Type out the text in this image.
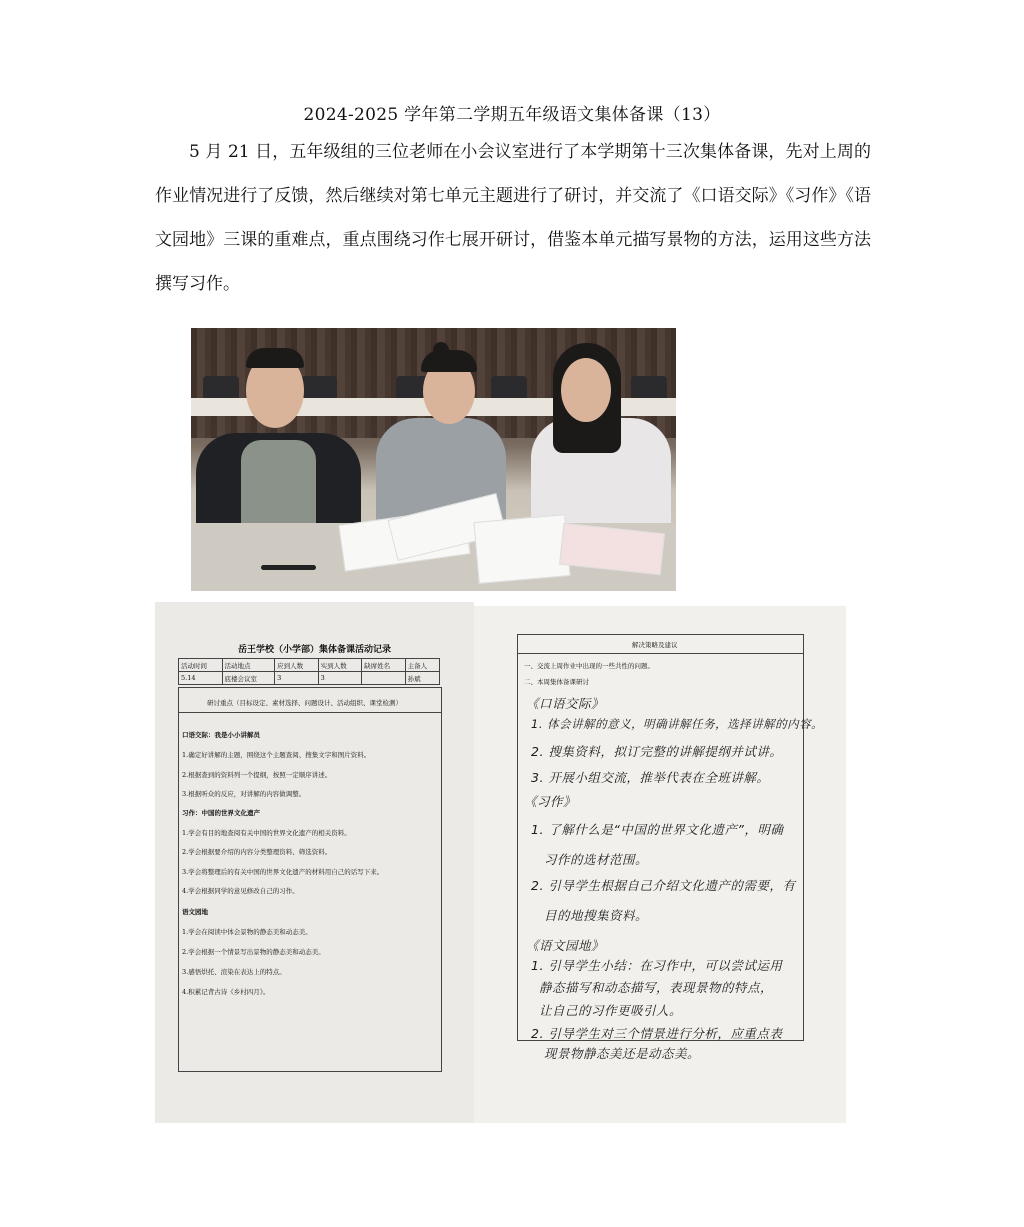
2024-2025 学年第二学期五年级语文集体备课（13）

5 月 21 日，五年级组的三位老师在小会议室进行了本学期第十三次集体备课，先对上周的作业情况进行了反馈，然后继续对第七单元主题进行了研讨，并交流了《口语交际》《习作》《语文园地》三课的重难点，重点围绕习作七展开研讨，借鉴本单元描写景物的方法，运用这些方法撰写习作。

岳王学校（小学部）集体备课活动记录
活动时间	活动地点	应到人数	实到人数	缺席姓名	主备人
5.14	底楼会议室	3	3		孙斌
研讨重点（目标设定、素材选择、问题设计、活动组织、课堂检测）
口语交际：我是小小讲解员
1.确定好讲解的主题，围绕这个主题查阅、搜集文字和图片资料。
2.根据查到的资料列一个提纲，按照一定顺序讲述。
3.根据听众的反应，对讲解的内容做调整。
习作：中国的世界文化遗产
1.学会有目的地查阅有关中国的世界文化遗产的相关资料。
2.学会根据要介绍的内容分类整理资料、筛选资料。
3.学会将整理后的有关中国的世界文化遗产的材料用自己的话写下来。
4.学会根据同学的意见修改自己的习作。
语文园地
1.学会在阅读中体会景物的静态美和动态美。
2.学会根据一个情景写出景物的静态美和动态美。
3.感悟烘托、渲染在表达上的特点。
4.积累记背古诗《乡村四月》。
解决策略及建议
一、交流上周作业中出现的一些共性的问题。
二、本周集体备课研讨
《口语交际》
1. 体会讲解的意义，明确讲解任务，选择讲解的内容。
2. 搜集资料，拟订完整的讲解提纲并试讲。
3. 开展小组交流，推举代表在全班讲解。
《习作》
1. 了解什么是“中国的世界文化遗产”，明确
习作的选材范围。
2. 引导学生根据自己介绍文化遗产的需要，有
目的地搜集资料。
《语文园地》
1. 引导学生小结：在习作中，可以尝试运用
静态描写和动态描写，表现景物的特点，
让自己的习作更吸引人。
2. 引导学生对三个情景进行分析，应重点表
现景物静态美还是动态美。
